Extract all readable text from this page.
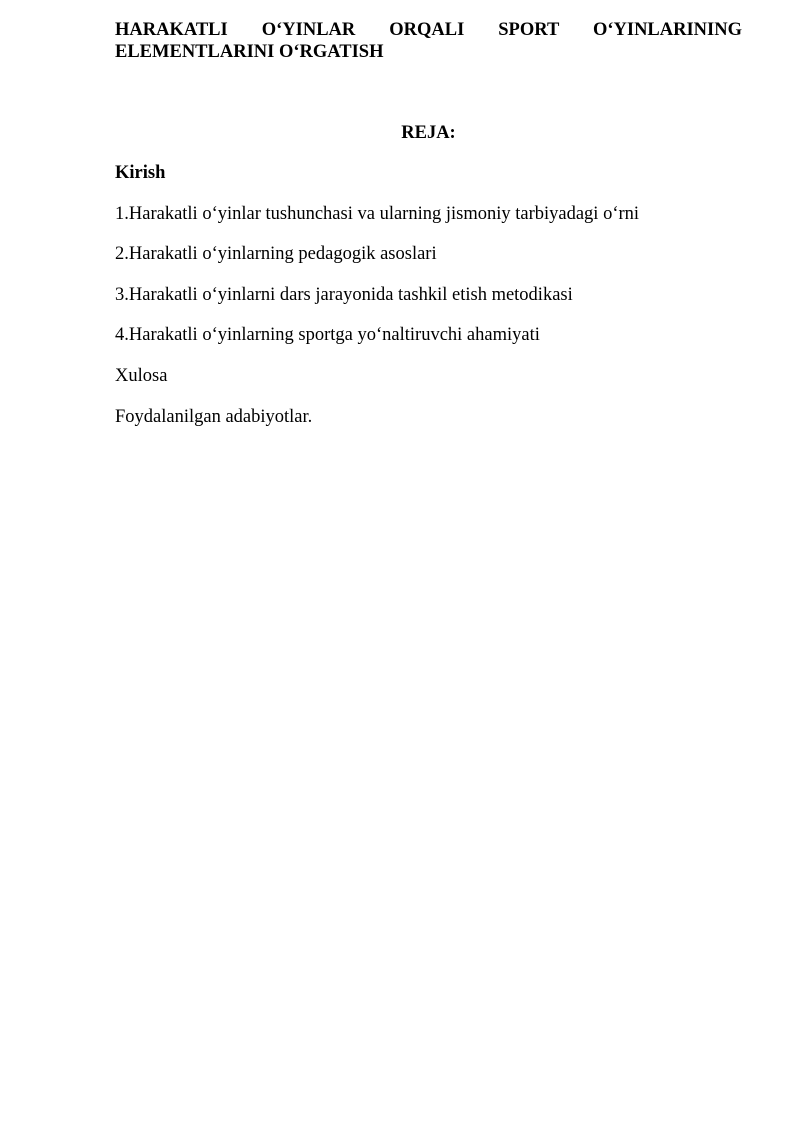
HARAKATLI O‘YINLAR ORQALI SPORT O‘YINLARINING ELEMENTLARINI O‘RGATISH

REJA:

Kirish

1.Harakatli o‘yinlar tushunchasi va ularning jismoniy tarbiyadagi o‘rni

2.Harakatli o‘yinlarning pedagogik asoslari

3.Harakatli o‘yinlarni dars jarayonida tashkil etish metodikasi

4.Harakatli o‘yinlarning sportga yo‘naltiruvchi ahamiyati

Xulosa

Foydalanilgan adabiyotlar.
